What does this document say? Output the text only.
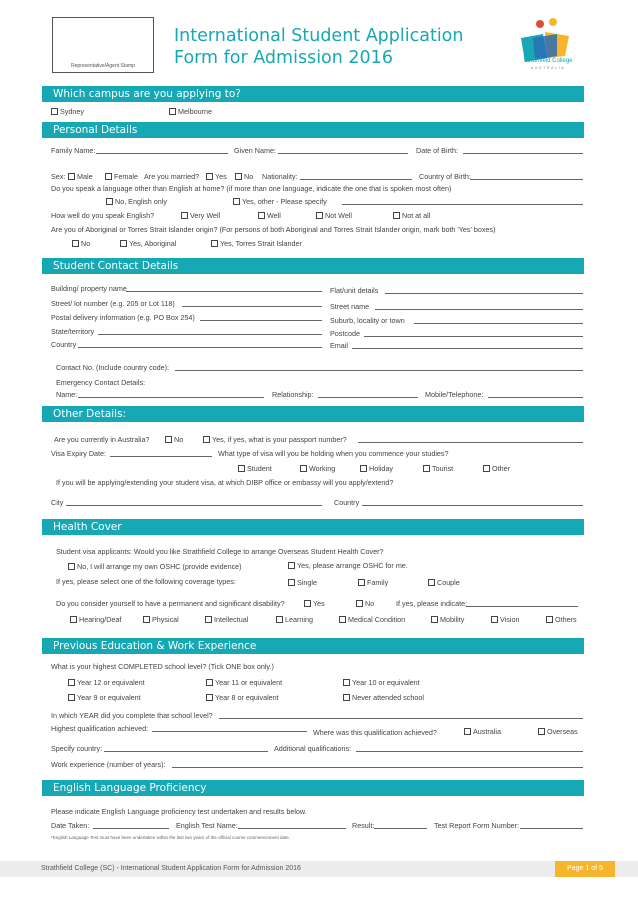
Representative/Agent Stamp
International Student Application
Form for Admission 2016	Strathfield College
AUSTRALIA
Which campus are you applying to?
Sydney	Melbourne
Personal Details
Family Name:	Given Name:	Date of Birth:
Sex:	Male	Female Are you married?	Yes	No Nationality:	Country of Birth:
Do you speak a language other than English at home? (if more than one language, indicate the one that is spoken most often)
No, English only	Yes, other - Please specify
How well do you speak English?	Very Well	Well	Not Well	Not at all
Are you of Aboriginal or Torres Strait Islander origin? (For persons of both Aboriginal and Torres Strait Islander origin, mark both 'Yes' boxes)
No	Yes, Aboriginal	Yes, Torres Strait Islander
Student Contact Details
Building/ property name	Flat/unit details
Street/ lot number (e.g. 205 or Lot 118)	Street name
Postal delivery information (e.g. PO Box 254)	Suburb, locality or town
State/territory	Postcode
Country	Email
Contact No. (Include country code):
Emergency Contact Details:
Name:	Relationship:	Mobile/Telephone:
Other Details:
Are you currently in Australia?	No	Yes, if yes, what is your passport number?
Visa Expiry Date:	What type of visa will you be holding when you commence your studies?
Student	Working	Holiday	Tourist	Other
If you will be applying/extending your student visa, at which DIBP office or embassy will you apply/extend?
City	Country
Health Cover
Student visa applicants: Would you like Strathfield College to arrange Overseas Student Health Cover?
No, I will arrange my own OSHC (provide evidence)	Yes, please arrange OSHC for me.
If yes, please select one of the following coverage types:	Single	Family	Couple
Do you consider yourself to have a permanent and significant disability?	Yes	No	If yes, please indicate:
Hearing/Deaf	Physical	Intellectual	Learning	Medical Condition	Mobility	Vision	Others
Previous Education & Work Experience
What is your highest COMPLETED school level? (Tick ONE box only.)
Year 12 or equivalent	Year 11 or equivalent	Year 10 or equivalent
Year 9 or equivalent	Year 8 or equivalent	Never attended school
In which YEAR did you complete that school level?
Highest qualification achieved:	Where was this qualification achieved?	Australia	Overseas
Specify country:	Additional qualifications:
Work experience (number of years):
English Language Proficiency
Please indicate English Language proficiency test undertaken and results below.
Date Taken:	English Test Name:	Result:	Test Report Form Number:
*English Language Test must have been undertaken within the last two years of the official course commencement date.
Strathfield College (SC) - International Student Application Form for Admission 2016	Page 1 of 5
